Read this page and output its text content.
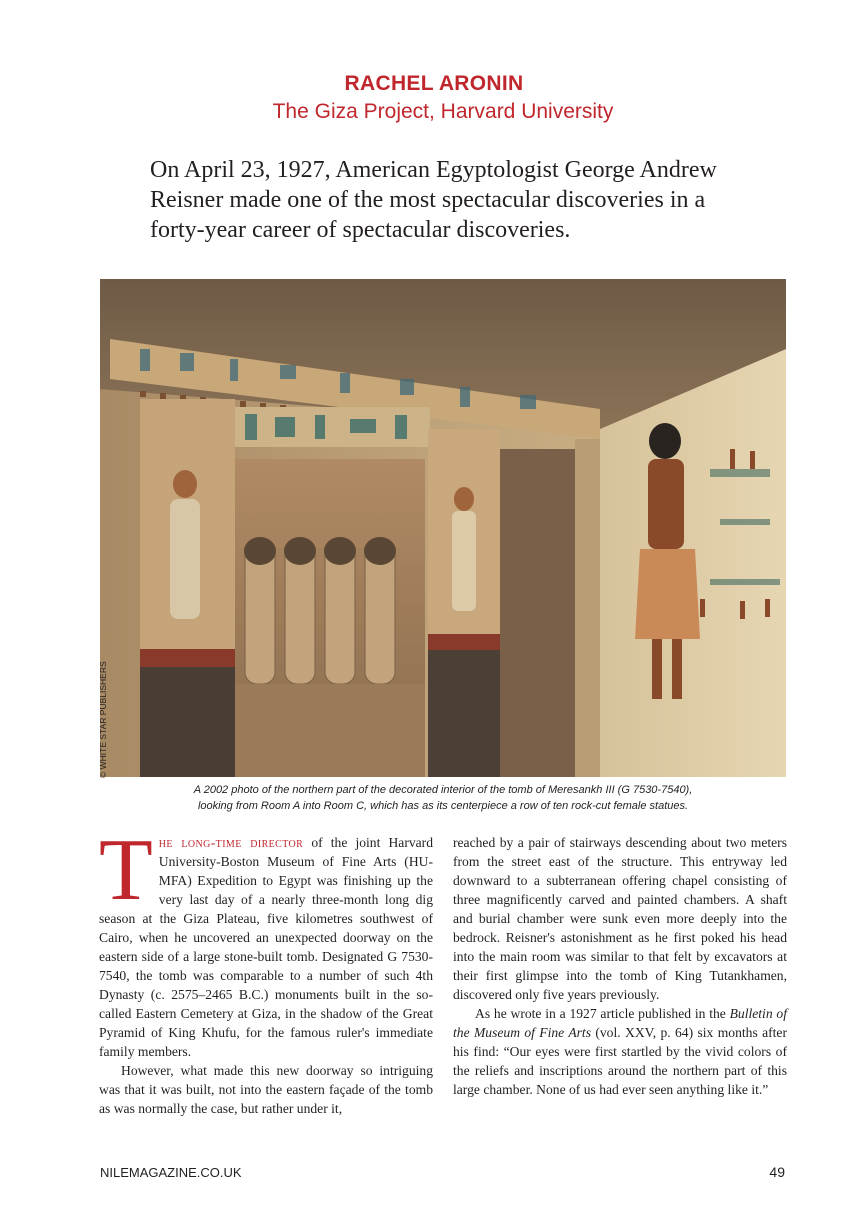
RACHEL ARONIN
The Giza Project, Harvard University
On April 23, 1927, American Egyptologist George Andrew Reisner made one of the most spectacular discoveries in a forty-year career of spectacular discoveries.
© WHITE STAR PUBLISHERS
A 2002 photo of the northern part of the decorated interior of the tomb of Meresankh III (G 7530-7540),
looking from Room A into Room C, which has as its centerpiece a row of ten rock-cut female statues.

The long-time director of the joint Harvard University-Boston Museum of Fine Arts (HU-MFA) Expedition to Egypt was finishing up the very last day of a nearly three-month long dig season at the Giza Plateau, five kilometres southwest of Cairo, when he uncovered an unexpected doorway on the eastern side of a large stone-built tomb. Designated G 7530-7540, the tomb was comparable to a number of such 4th Dynasty (c. 2575–2465 B.C.) monuments built in the so-called Eastern Cemetery at Giza, in the shadow of the Great Pyramid of King Khufu, for the famous ruler's immediate family members.

However, what made this new doorway so intriguing was that it was built, not into the eastern façade of the tomb as was normally the case, but rather under it,

reached by a pair of stairways descending about two meters from the street east of the structure. This entryway led downward to a subterranean offering chapel consisting of three magnificently carved and painted chambers. A shaft and burial chamber were sunk even more deeply into the bedrock. Reisner's astonishment as he first poked his head into the main room was similar to that felt by excavators at their first glimpse into the tomb of King Tutankhamen, discovered only five years previously.

As he wrote in a 1927 article published in the Bulletin of the Museum of Fine Arts (vol. XXV, p. 64) six months after his find: “Our eyes were first startled by the vivid colors of the reliefs and inscriptions around the northern part of this large chamber. None of us had ever seen anything like it.”

NILEMAGAZINE.CO.UK	49
